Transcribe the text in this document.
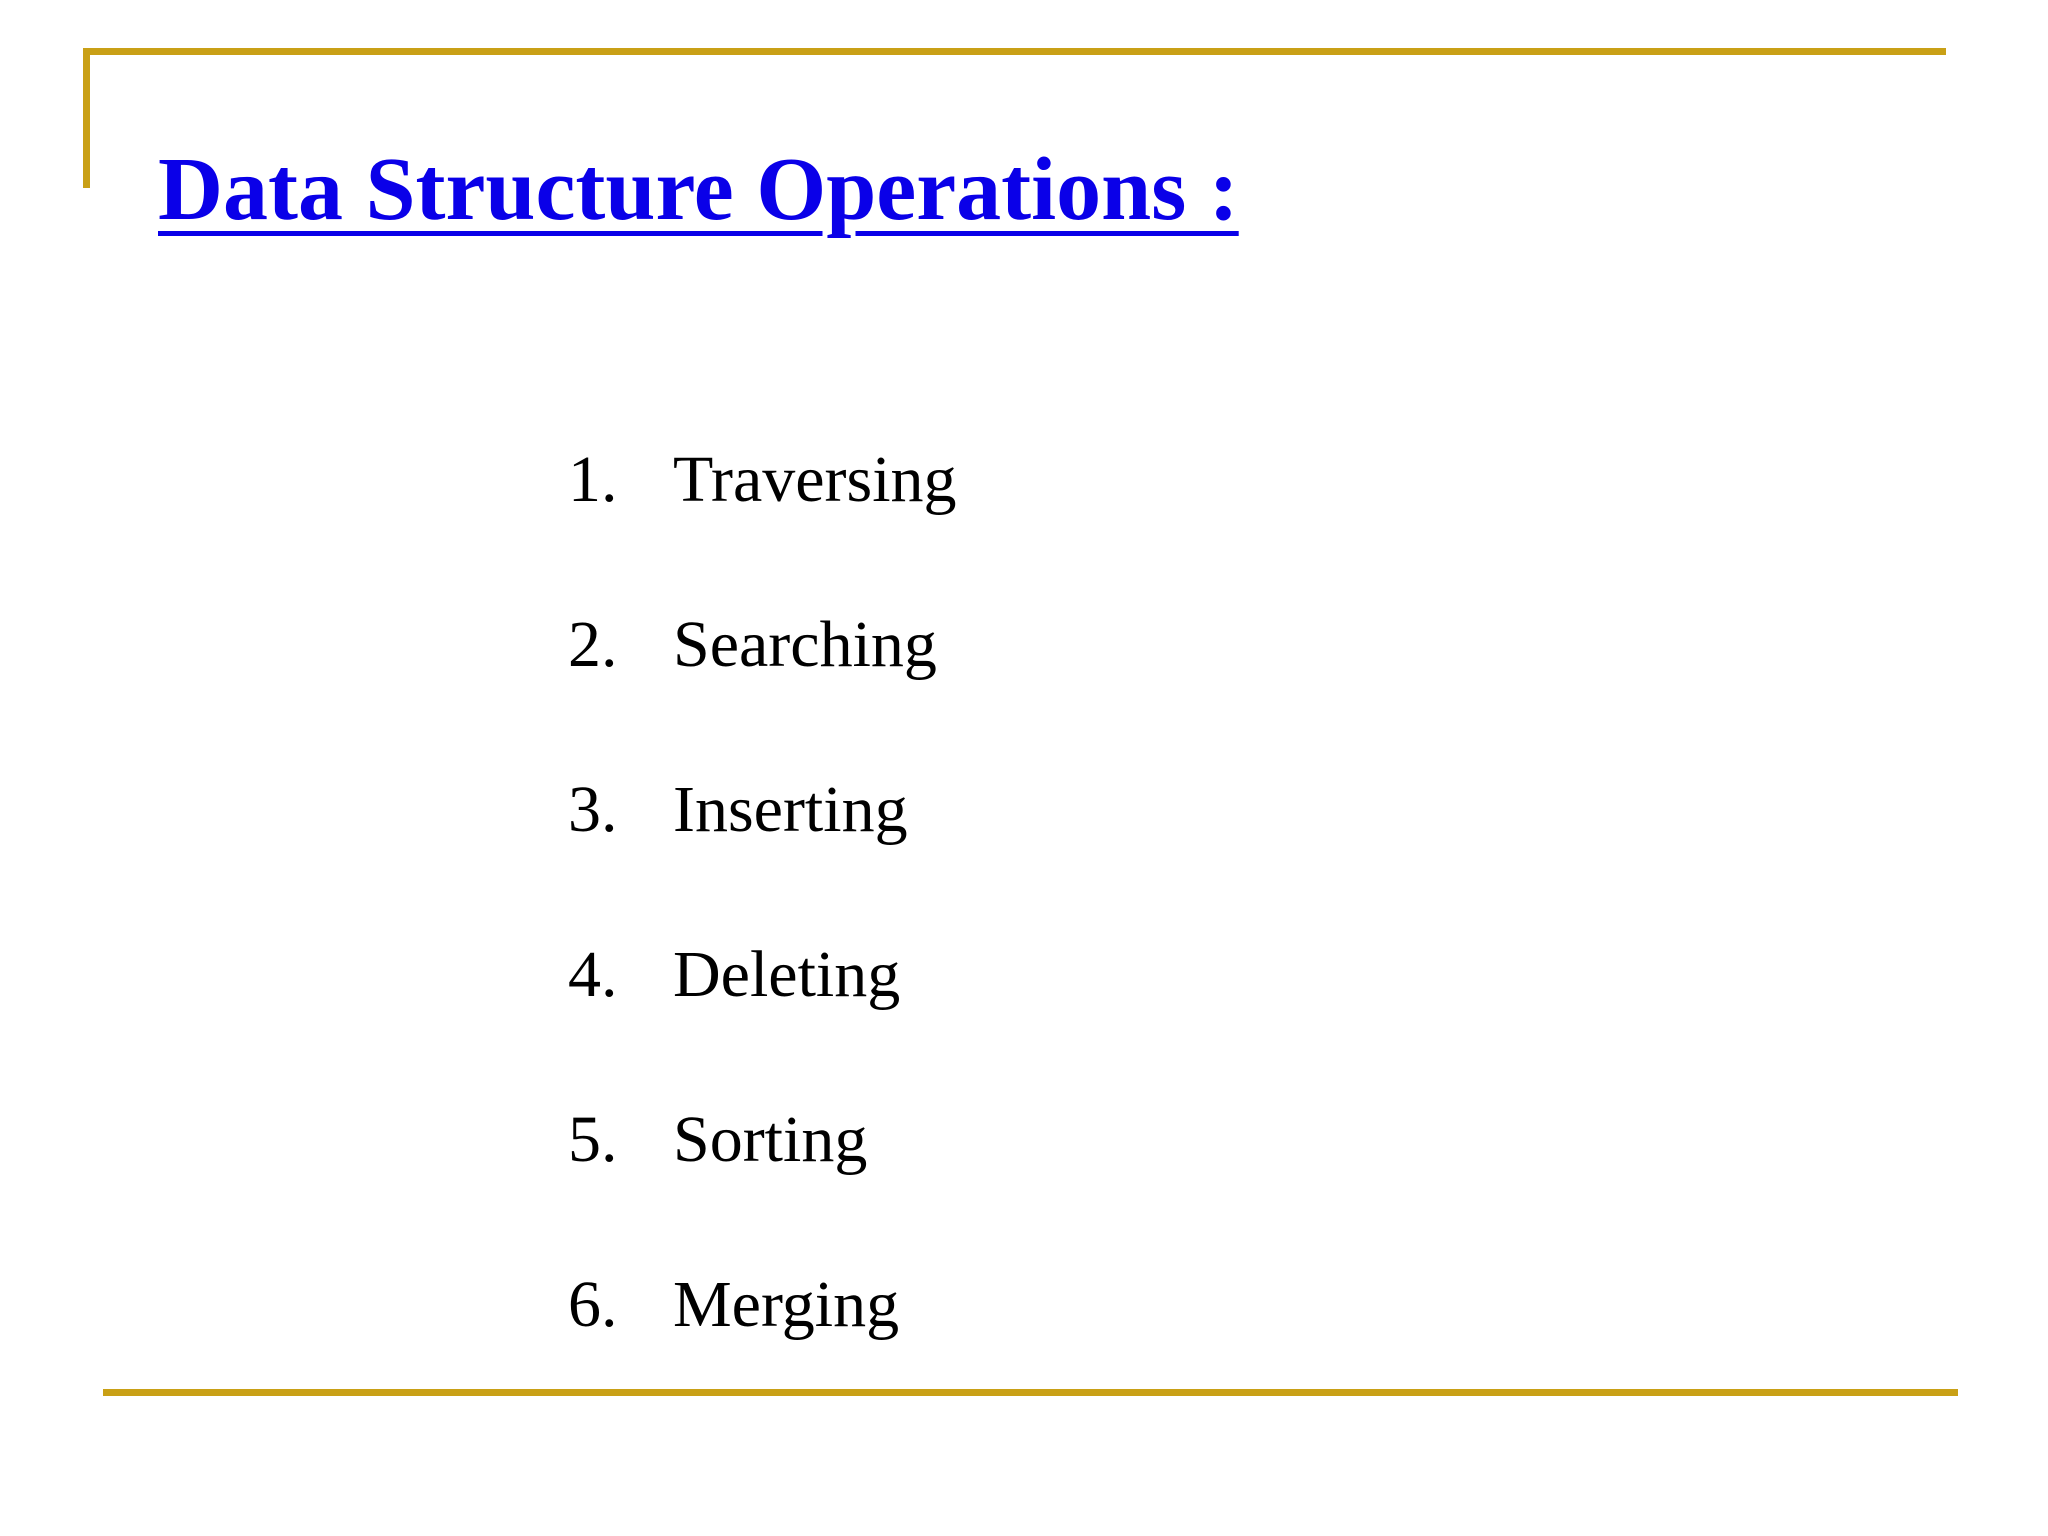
Data Structure Operations :
1. Traversing
2. Searching
3. Inserting
4. Deleting
5. Sorting
6. Merging
